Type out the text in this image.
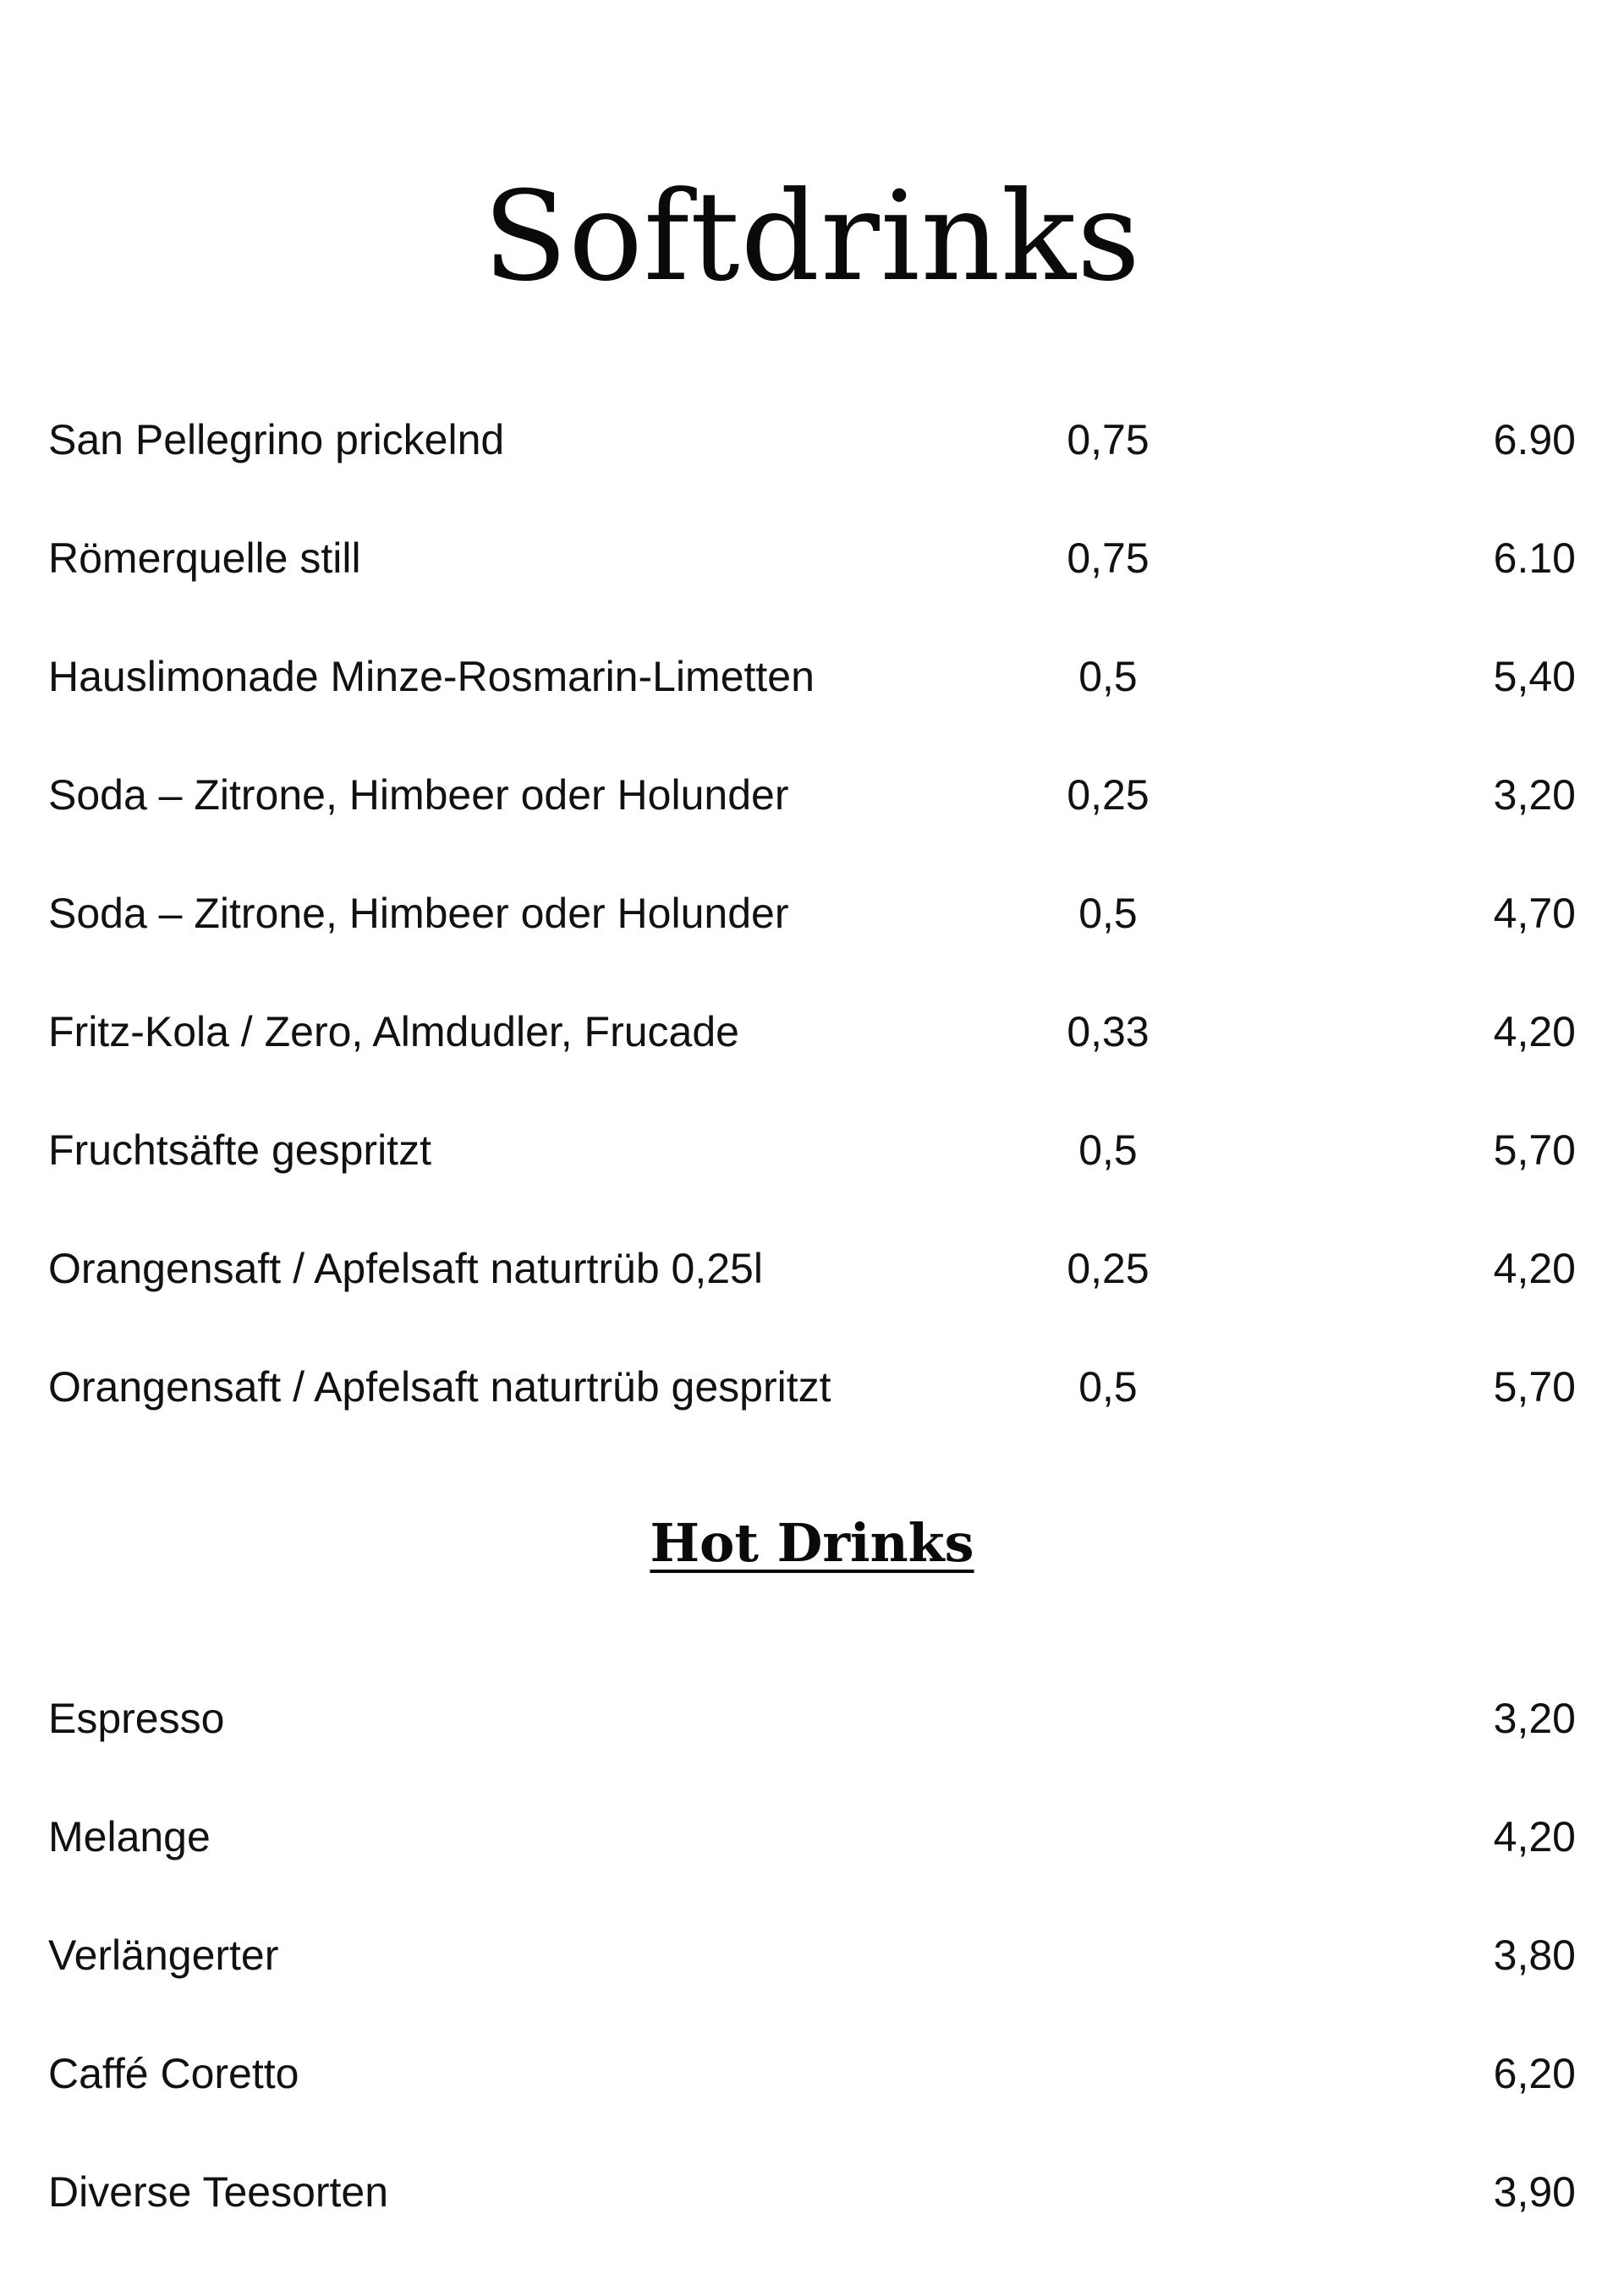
Softdrinks
San Pellegrino prickelnd	0,75	6.90
Römerquelle still	0,75	6.10
Hauslimonade Minze-Rosmarin-Limetten	0,5	5,40
Soda – Zitrone, Himbeer oder Holunder	0,25	3,20
Soda – Zitrone, Himbeer oder Holunder	0,5	4,70
Fritz-Kola / Zero, Almdudler, Frucade	0,33	4,20
Fruchtsäfte gespritzt	0,5	5,70
Orangensaft / Apfelsaft naturtrüb 0,25l	0,25	4,20
Orangensaft / Apfelsaft naturtrüb gespritzt	0,5	5,70
Hot Drinks
Espresso	3,20
Melange	4,20
Verlängerter	3,80
Caffé Coretto	6,20
Diverse Teesorten	3,90
